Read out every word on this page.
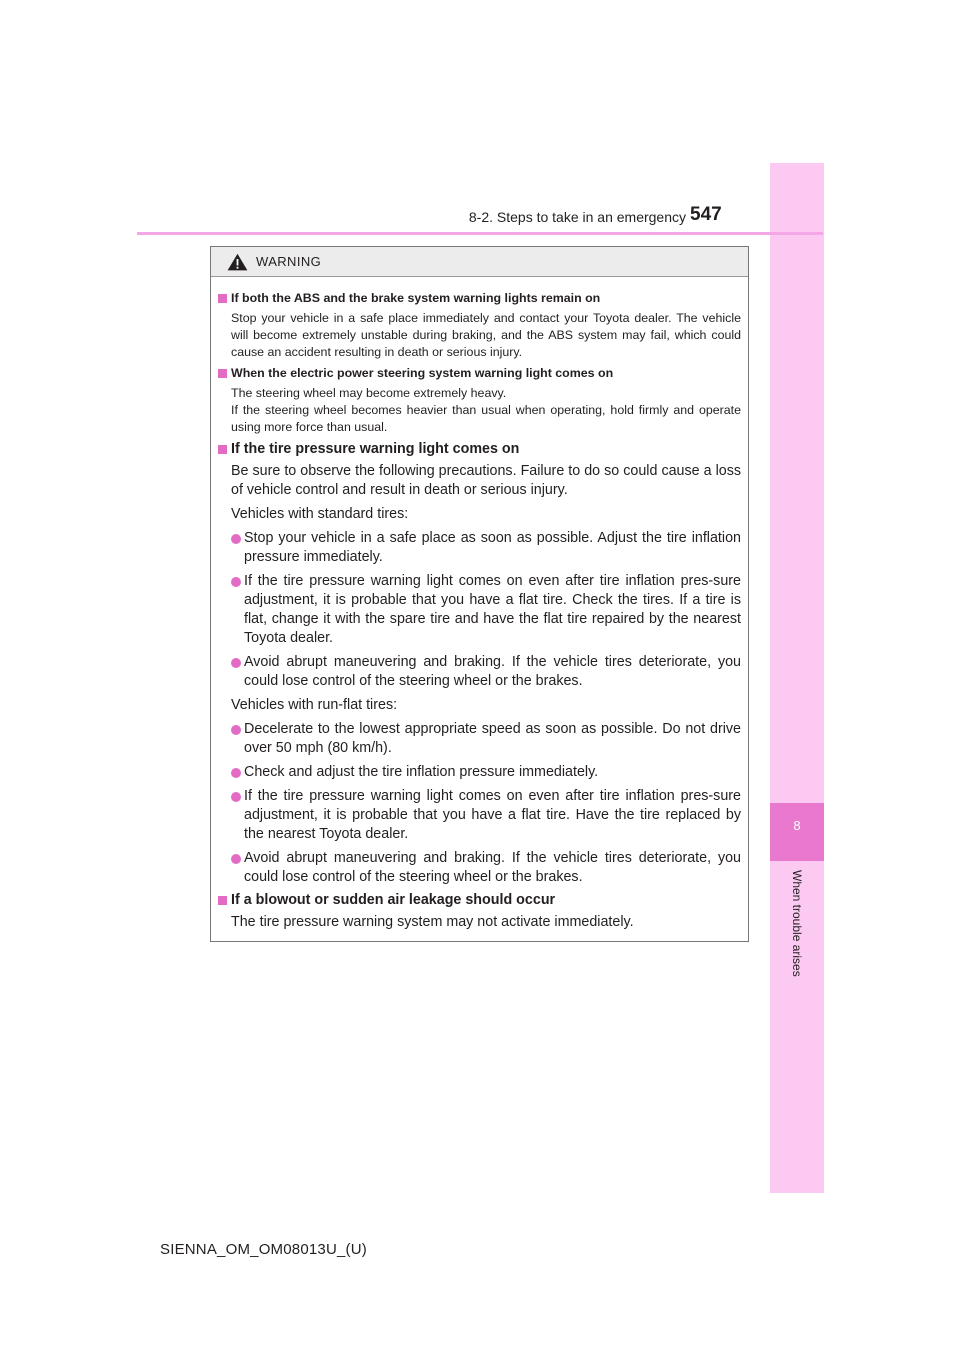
8
When trouble arises
8-2. Steps to take in an emergency 547
WARNING
If both the ABS and the brake system warning lights remain on
Stop your vehicle in a safe place immediately and contact your Toyota dealer. The vehicle will become extremely unstable during braking, and the ABS system may fail, which could cause an accident resulting in death or serious injury.
When the electric power steering system warning light comes on
The steering wheel may become extremely heavy.
If the steering wheel becomes heavier than usual when operating, hold firmly and operate using more force than usual.
If the tire pressure warning light comes on
Be sure to observe the following precautions. Failure to do so could cause a loss of vehicle control and result in death or serious injury.
Vehicles with standard tires:
Stop your vehicle in a safe place as soon as possible. Adjust the tire inflation pressure immediately.
If the tire pressure warning light comes on even after tire inflation pres-sure adjustment, it is probable that you have a flat tire. Check the tires. If a tire is flat, change it with the spare tire and have the flat tire repaired by the nearest Toyota dealer.
Avoid abrupt maneuvering and braking. If the vehicle tires deteriorate, you could lose control of the steering wheel or the brakes.
Vehicles with run-flat tires:
Decelerate to the lowest appropriate speed as soon as possible. Do not drive over 50 mph (80 km/h).
Check and adjust the tire inflation pressure immediately.
If the tire pressure warning light comes on even after tire inflation pres-sure adjustment, it is probable that you have a flat tire. Have the tire replaced by the nearest Toyota dealer.
Avoid abrupt maneuvering and braking. If the vehicle tires deteriorate, you could lose control of the steering wheel or the brakes.
If a blowout or sudden air leakage should occur
The tire pressure warning system may not activate immediately.
SIENNA_OM_OM08013U_(U)
